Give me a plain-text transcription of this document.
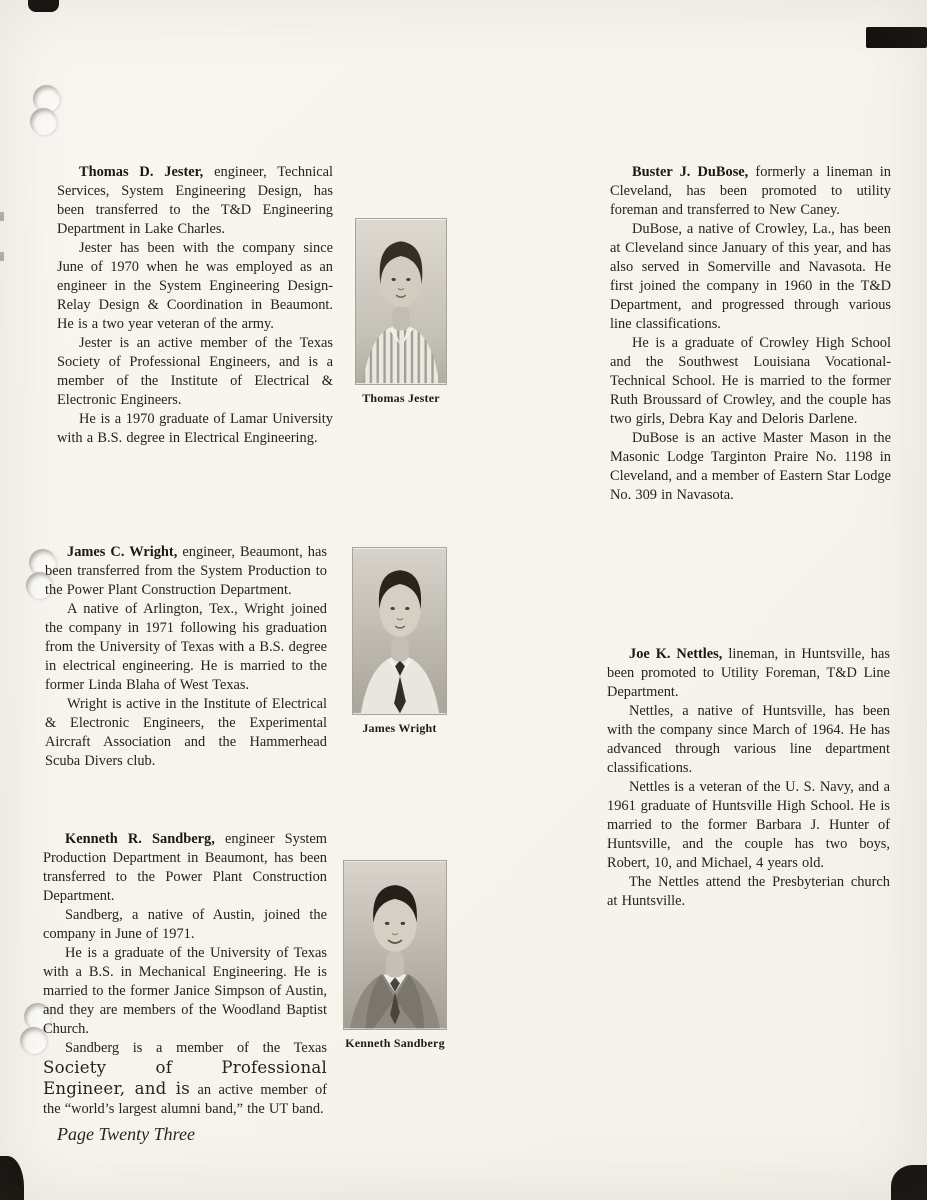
Thomas D. Jester, engineer, Technical Services, System Engineering Design, has been transferred to the T&D Engineering Department in Lake Charles.

Jester has been with the company since June of 1970 when he was employed as an engineer in the System Engineering Design-Relay Design & Coordination in Beaumont. He is a two year veteran of the army.

Jester is an active member of the Texas Society of Professional Engineers, and is a member of the Institute of Electrical & Electronic Engineers.

He is a 1970 graduate of Lamar University with a B.S. degree in Electrical Engineering.

James C. Wright, engineer, Beaumont, has been transferred from the System Production to the Power Plant Construction Department.

A native of Arlington, Tex., Wright joined the company in 1971 following his graduation from the University of Texas with a B.S. degree in electrical engineering. He is married to the former Linda Blaha of West Texas.

Wright is active in the Institute of Electrical & Electronic Engineers, the Experimental Aircraft Association and the Hammerhead Scuba Divers club.

Kenneth R. Sandberg, engineer System Production Department in Beaumont, has been transferred to the Power Plant Construction Department.

Sandberg, a native of Austin, joined the company in June of 1971.

He is a graduate of the University of Texas with a B.S. in Mechanical Engineering. He is married to the former Janice Simpson of Austin, and they are members of the Woodland Baptist Church.

Sandberg is a member of the Texas Society of Professional Engineer, and is an active member of the “world’s largest alumni band,” the UT band.

Buster J. DuBose, formerly a lineman in Cleveland, has been promoted to utility foreman and transferred to New Caney.

DuBose, a native of Crowley, La., has been at Cleveland since January of this year, and has also served in Somerville and Navasota. He first joined the company in 1960 in the T&D Department, and progressed through various line classifications.

He is a graduate of Crowley High School and the Southwest Louisiana Vocational-Technical School. He is married to the former Ruth Broussard of Crowley, and the couple has two girls, Debra Kay and Deloris Darlene.

DuBose is an active Master Mason in the Masonic Lodge Targinton Praire No. 1198 in Cleveland, and a member of Eastern Star Lodge No. 309 in Navasota.

Joe K. Nettles, lineman, in Huntsville, has been promoted to Utility Foreman, T&D Line Department.

Nettles, a native of Huntsville, has been with the company since March of 1964. He has advanced through various line department classifications.

Nettles is a veteran of the U. S. Navy, and a 1961 graduate of Huntsville High School. He is married to the former Barbara J. Hunter of Huntsville, and the couple has two boys, Robert, 10, and Michael, 4 years old.

The Nettles attend the Presbyterian church at Huntsville.

Thomas Jester
James Wright
Kenneth Sandberg
Page Twenty Three
